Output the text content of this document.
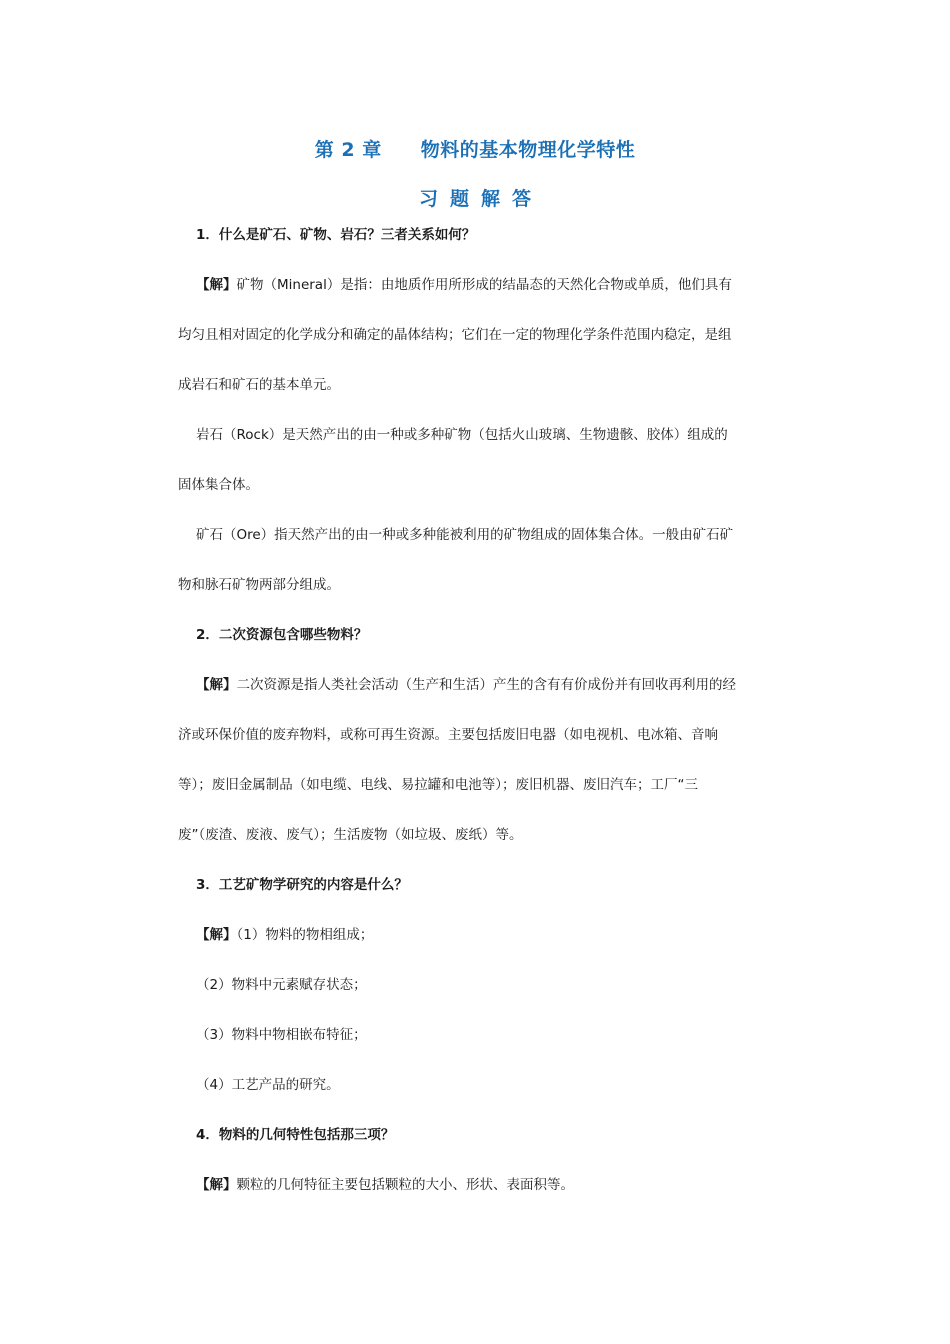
第 2 章　　物料的基本物理化学特性
习题解答
1．什么是矿石、矿物、岩石？三者关系如何？
【解】矿物（Mineral）是指：由地质作用所形成的结晶态的天然化合物或单质，他们具有
均匀且相对固定的化学成分和确定的晶体结构；它们在一定的物理化学条件范围内稳定，是组
成岩石和矿石的基本单元。
岩石（Rock）是天然产出的由一种或多种矿物（包括火山玻璃、生物遗骸、胶体）组成的
固体集合体。
矿石（Ore）指天然产出的由一种或多种能被利用的矿物组成的固体集合体。一般由矿石矿
物和脉石矿物两部分组成。
2．二次资源包含哪些物料？
【解】二次资源是指人类社会活动（生产和生活）产生的含有有价成份并有回收再利用的经
济或环保价值的废弃物料，或称可再生资源。主要包括废旧电器（如电视机、电冰箱、音响
等）；废旧金属制品（如电缆、电线、易拉罐和电池等）；废旧机器、废旧汽车；工厂“三
废”（废渣、废液、废气）；生活废物（如垃圾、废纸）等。
3．工艺矿物学研究的内容是什么？
【解】（1）物料的物相组成；
（2）物料中元素赋存状态；
（3）物料中物相嵌布特征；
（4）工艺产品的研究。
4．物料的几何特性包括那三项？
【解】颗粒的几何特征主要包括颗粒的大小、形状、表面积等。
